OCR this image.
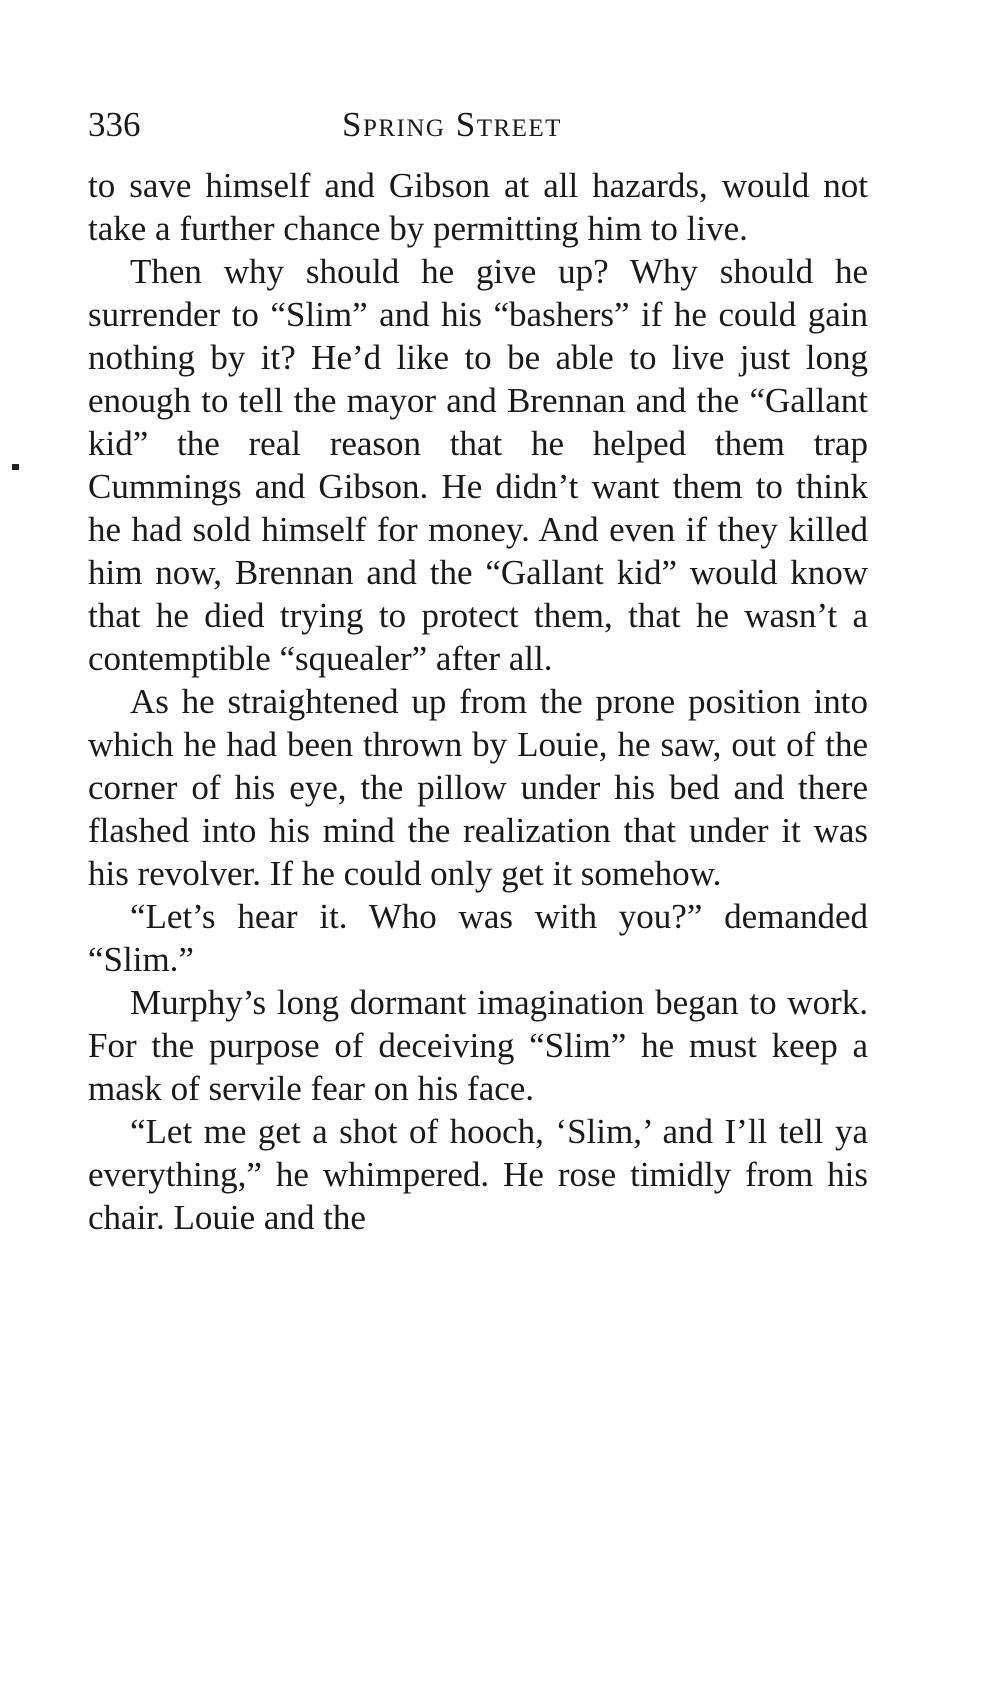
336	Spring Street

to save himself and Gibson at all hazards, would not take a further chance by permitting him to live.

Then why should he give up? Why should he surrender to “Slim” and his “bashers” if he could gain nothing by it? He’d like to be able to live just long enough to tell the mayor and Brennan and the “Gallant kid” the real reason that he helped them trap Cummings and Gibson. He didn’t want them to think he had sold himself for money. And even if they killed him now, Brennan and the “Gallant kid” would know that he died trying to protect them, that he wasn’t a contemptible “squealer” after all.

As he straightened up from the prone position into which he had been thrown by Louie, he saw, out of the corner of his eye, the pillow under his bed and there flashed into his mind the realization that under it was his revolver. If he could only get it somehow.

“Let’s hear it. Who was with you?” demanded “Slim.”

Murphy’s long dormant imagination began to work. For the purpose of deceiving “Slim” he must keep a mask of servile fear on his face.

“Let me get a shot of hooch, ‘Slim,’ and I’ll tell ya everything,” he whimpered. He rose timidly from his chair. Louie and the
